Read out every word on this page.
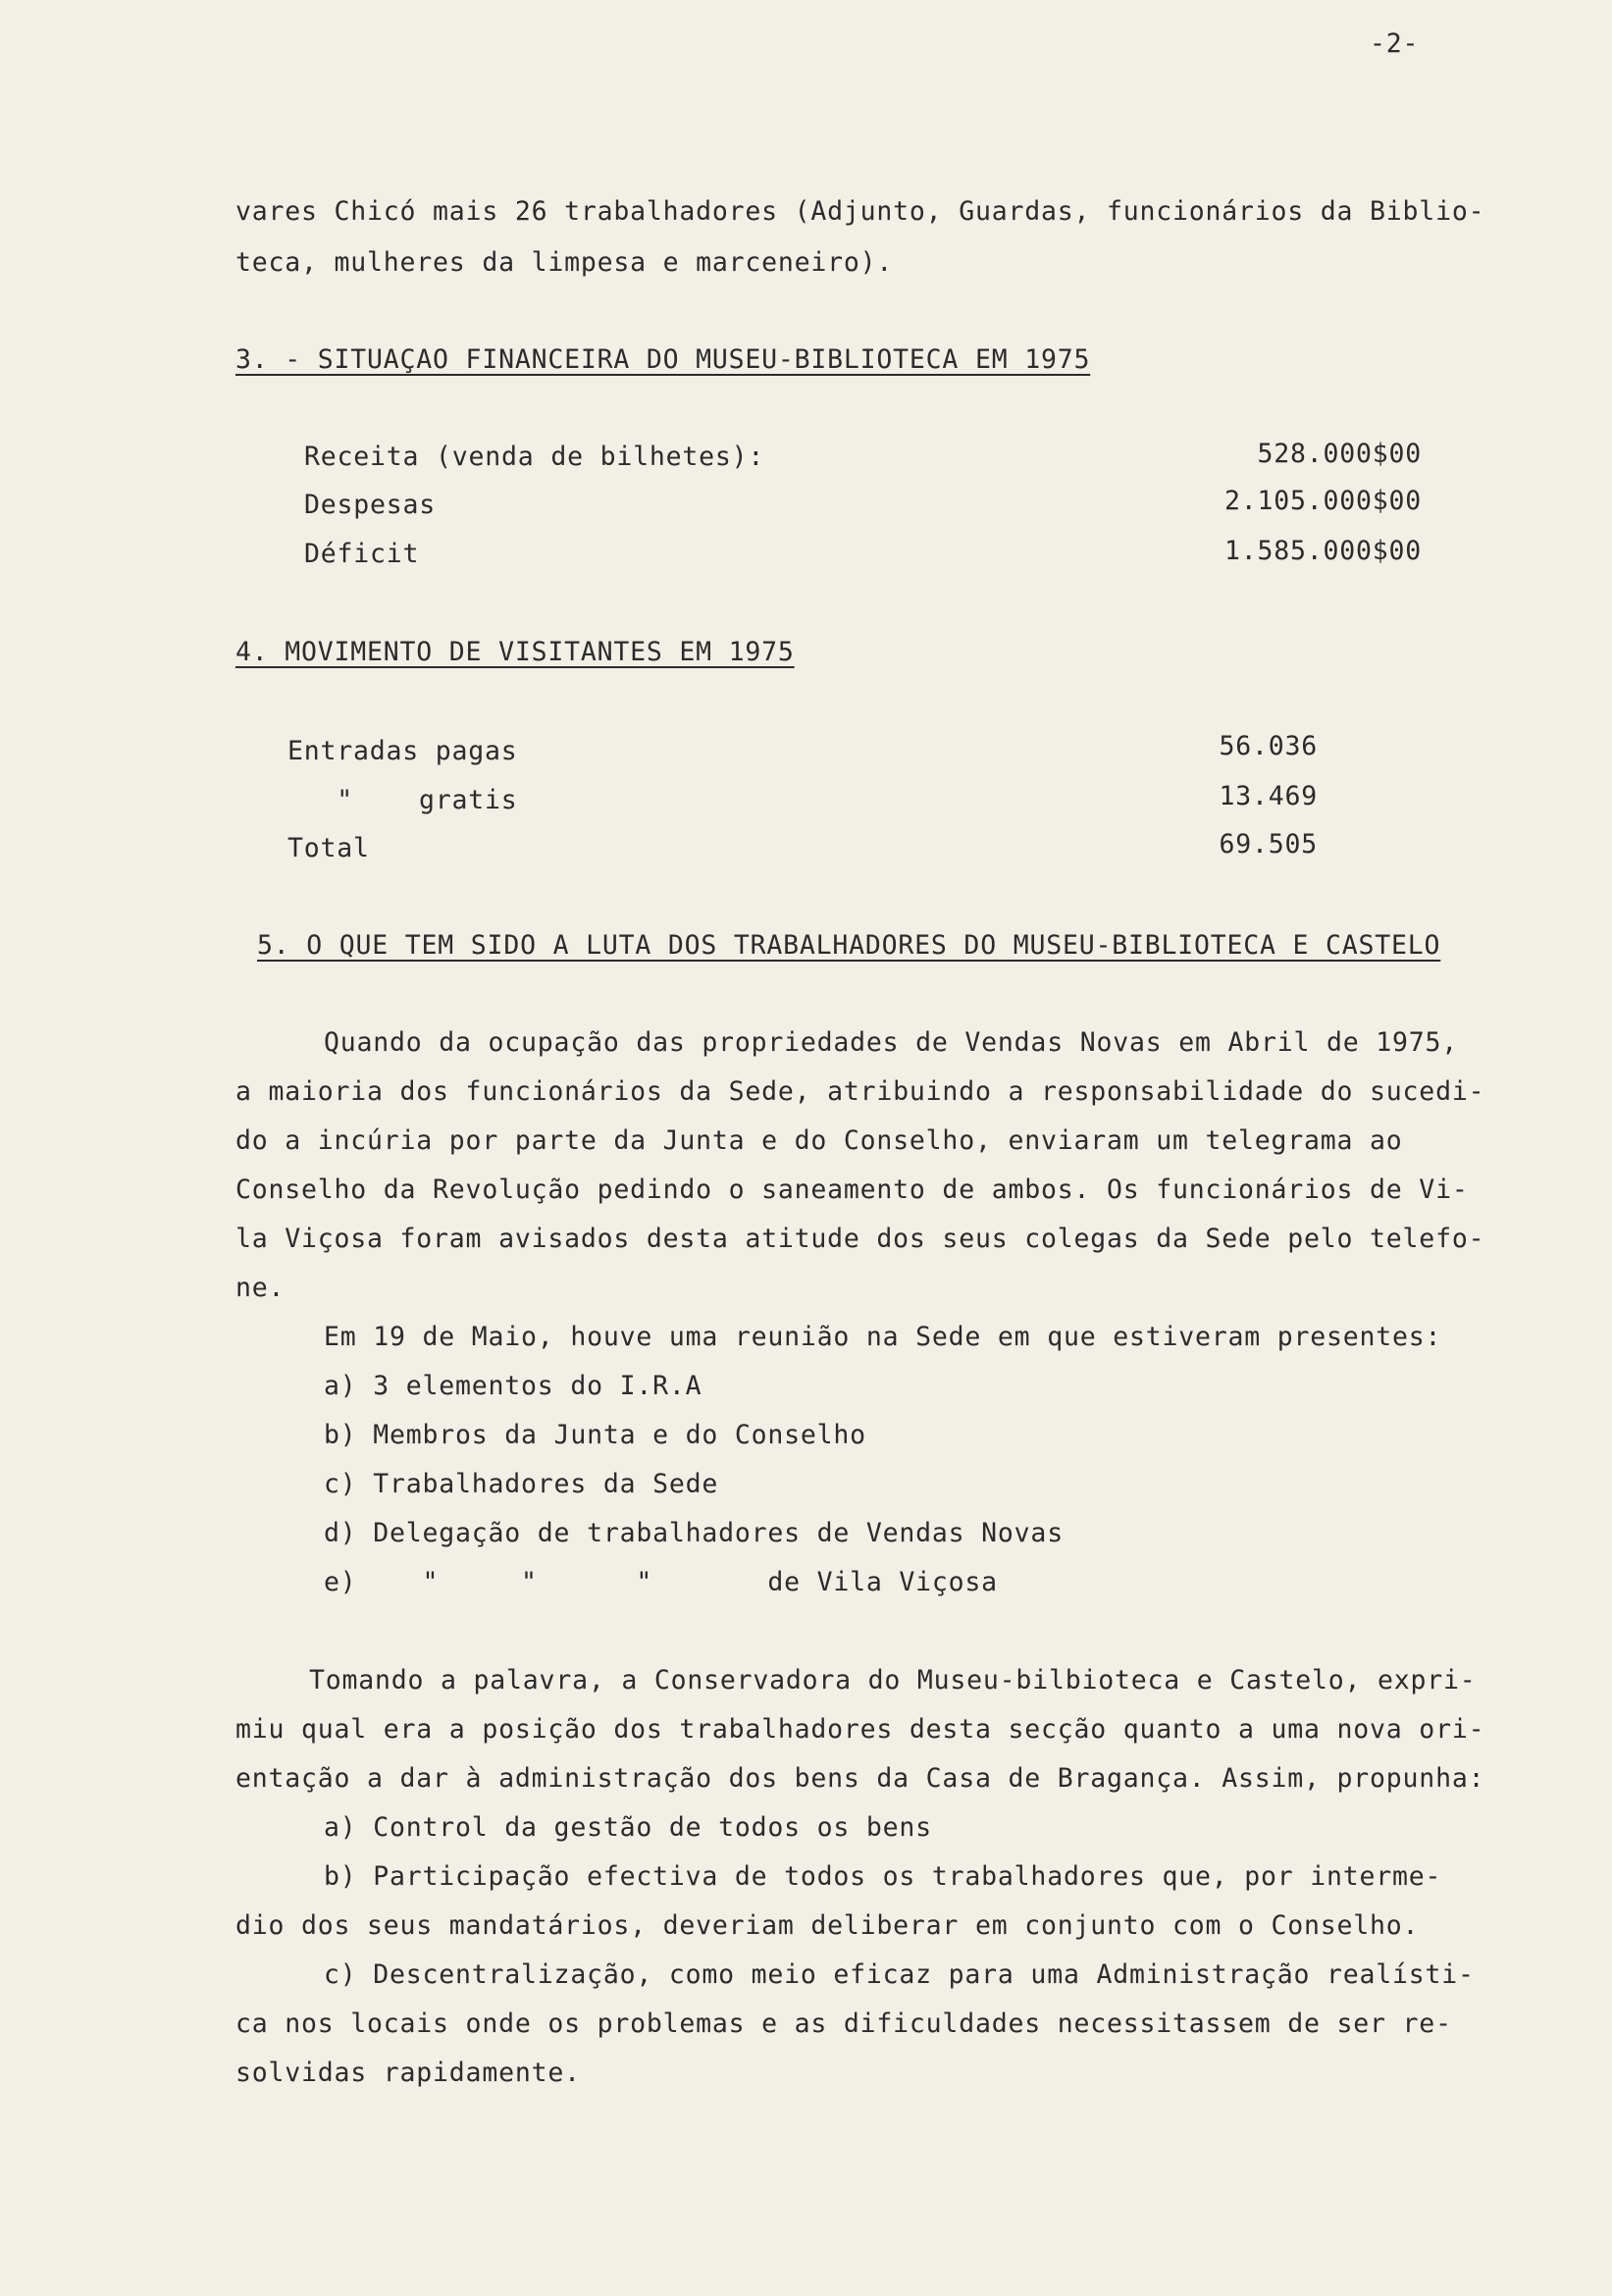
-2-
vares Chicó mais 26 trabalhadores (Adjunto, Guardas, funcionários da Biblio-
teca, mulheres da limpesa e marceneiro).
3. - SITUAÇAO FINANCEIRA DO MUSEU-BIBLIOTECA EM 1975
Receita (venda de bilhetes):	528.000$00
Despesas	2.105.000$00
Déficit	1.585.000$00
4. MOVIMENTO DE VISITANTES EM 1975
Entradas pagas	56.036
"    gratis	13.469
Total	69.505
5. O QUE TEM SIDO A LUTA DOS TRABALHADORES DO MUSEU-BIBLIOTECA E CASTELO
Quando da ocupação das propriedades de Vendas Novas em Abril de 1975,
a maioria dos funcionários da Sede, atribuindo a responsabilidade do sucedi-
do a incúria por parte da Junta e do Conselho, enviaram um telegrama ao
Conselho da Revolução pedindo o saneamento de ambos. Os funcionários de Vi-
la Viçosa foram avisados desta atitude dos seus colegas da Sede pelo telefo-
ne.
Em 19 de Maio, houve uma reunião na Sede em que estiveram presentes:
a) 3 elementos do I.R.A
b) Membros da Junta e do Conselho
c) Trabalhadores da Sede
d) Delegação de trabalhadores de Vendas Novas
e)    "     "      "       de Vila Viçosa
Tomando a palavra, a Conservadora do Museu-bilbioteca e Castelo, expri-
miu qual era a posição dos trabalhadores desta secção quanto a uma nova ori-
entação a dar à administração dos bens da Casa de Bragança. Assim, propunha:
a) Control da gestão de todos os bens
b) Participação efectiva de todos os trabalhadores que, por interme-
dio dos seus mandatários, deveriam deliberar em conjunto com o Conselho.
c) Descentralização, como meio eficaz para uma Administração realísti-
ca nos locais onde os problemas e as dificuldades necessitassem de ser re-
solvidas rapidamente.
